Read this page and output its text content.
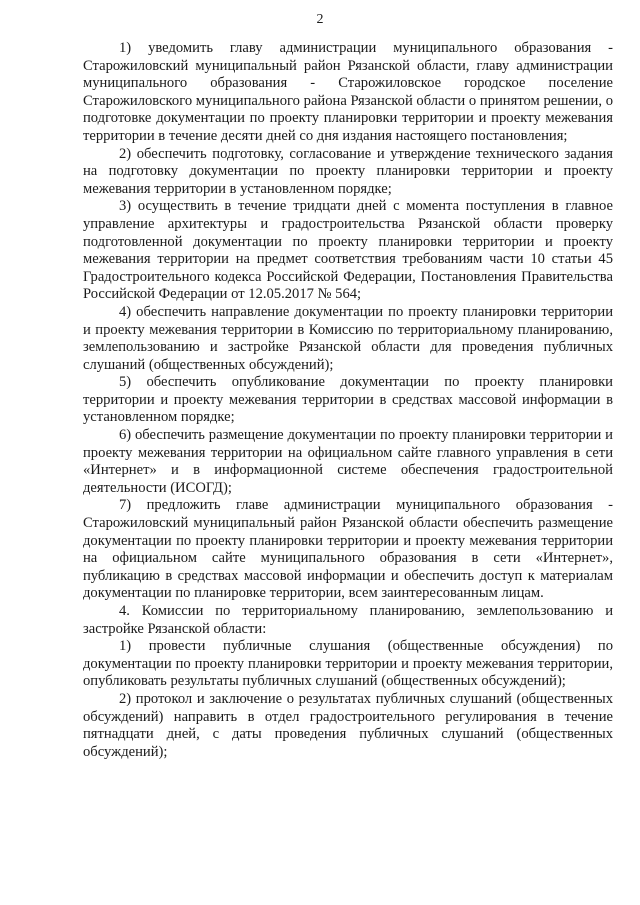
2

1) уведомить главу администрации муниципального образования - Старожиловский муниципальный район Рязанской области, главу администрации муниципального образования - Старожиловское городское поселение Старожиловского муниципального района Рязанской области о принятом решении, о подготовке документации по проекту планировки территории и проекту межевания территории в течение десяти дней со дня издания настоящего постановления;

2) обеспечить подготовку, согласование и утверждение технического задания на подготовку документации по проекту планировки территории и проекту межевания территории в установленном порядке;

3) осуществить в течение тридцати дней с момента поступления в главное управление архитектуры и градостроительства Рязанской области проверку подготовленной документации по проекту планировки территории и проекту межевания территории на предмет соответствия требованиям части 10 статьи 45 Градостроительного кодекса Российской Федерации, Постановления Правительства Российской Федерации от 12.05.2017 № 564;

4) обеспечить направление документации по проекту планировки территории и проекту межевания территории в Комиссию по территориальному планированию, землепользованию и застройке Рязанской области для проведения публичных слушаний (общественных обсуждений);

5) обеспечить опубликование документации по проекту планировки территории и проекту межевания территории в средствах массовой информации в установленном порядке;

6) обеспечить размещение документации по проекту планировки территории и проекту межевания территории на официальном сайте главного управления в сети «Интернет» и в информационной системе обеспечения градостроительной деятельности (ИСОГД);

7) предложить главе администрации муниципального образования - Старожиловский муниципальный район Рязанской области обеспечить размещение документации по проекту планировки территории и проекту межевания территории на официальном сайте муниципального образования в сети «Интернет», публикацию в средствах массовой информации и обеспечить доступ к материалам документации по планировке территории, всем заинтересованным лицам.

4. Комиссии по территориальному планированию, землепользованию и застройке Рязанской области:

1) провести публичные слушания (общественные обсуждения) по документации по проекту планировки территории и проекту межевания территории, опубликовать результаты публичных слушаний (общественных обсуждений);

2) протокол и заключение о результатах публичных слушаний (общественных обсуждений) направить в отдел градостроительного регулирования в течение пятнадцати дней, с даты проведения публичных слушаний (общественных обсуждений);
